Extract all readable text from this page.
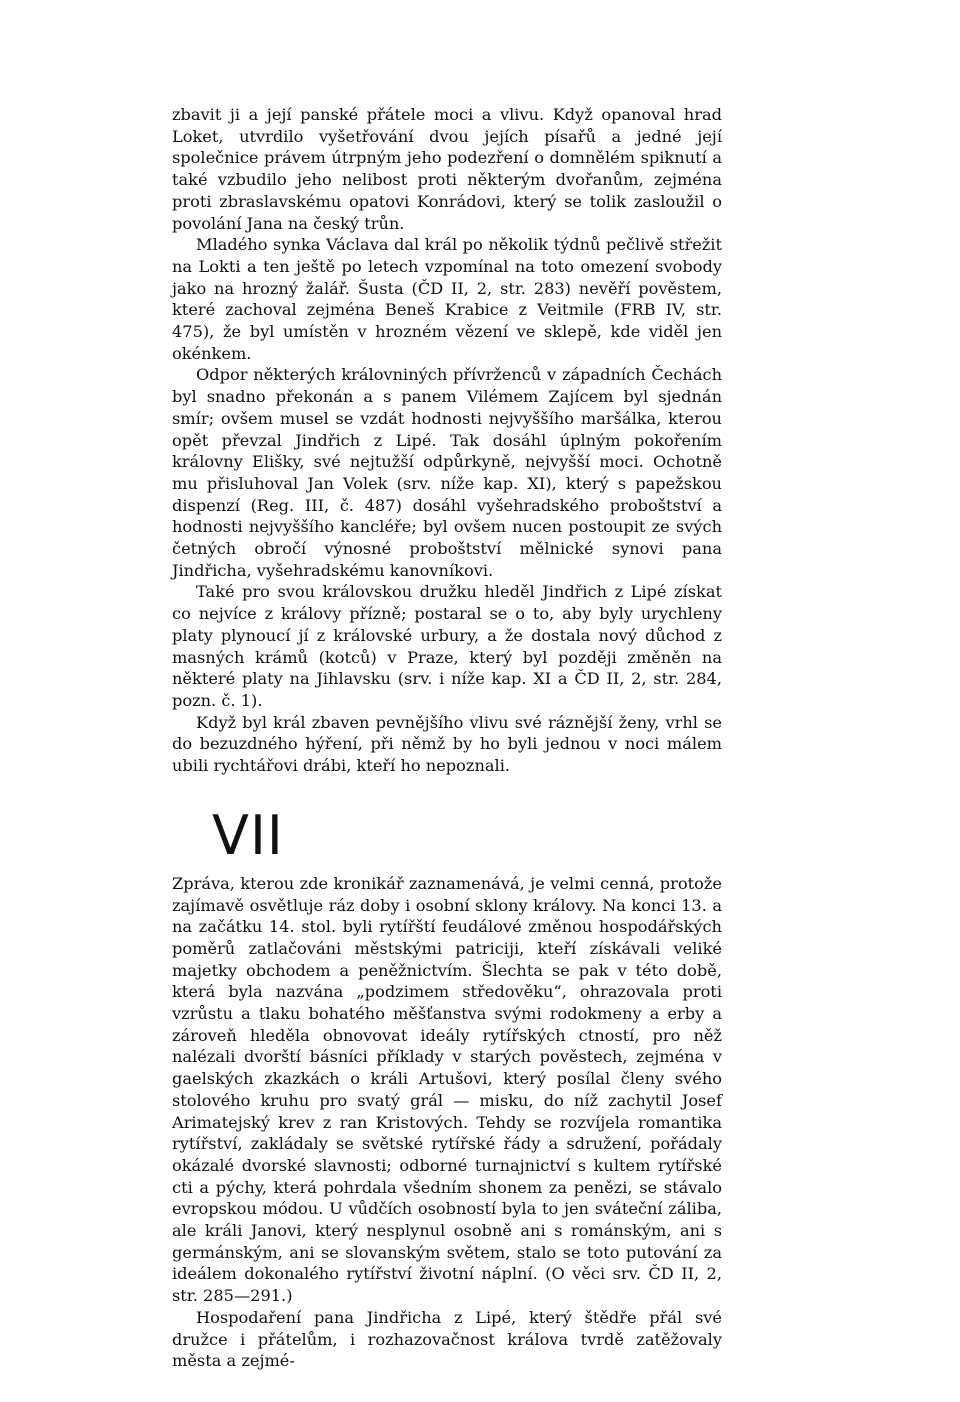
zbavit ji a její panské přátele moci a vlivu. Když opanoval hrad Loket, utvrdilo vyšetřování dvou jejích písařů a jedné její společnice právem útrpným jeho podezření o domnělém spiknutí a také vzbudilo jeho nelibost proti některým dvořanům, zejména proti zbraslavskému opatovi Konrádovi, který se tolik zasloužil o povolání Jana na český trůn.

Mladého synka Václava dal král po několik týdnů pečlivě střežit na Lokti a ten ještě po letech vzpomínal na toto omezení svobody jako na hrozný žalář. Šusta (ČD II, 2, str. 283) nevěří pověstem, které zachoval zejména Beneš Krabice z Veitmile (FRB IV, str. 475), že byl umístěn v hrozném vězení ve sklepě, kde viděl jen okénkem.

Odpor některých královniných přívrženců v západních Čechách byl snadno překonán a s panem Vilémem Zajícem byl sjednán smír; ovšem musel se vzdát hodnosti nejvyššího maršálka, kterou opět převzal Jindřich z Lipé. Tak dosáhl úplným pokořením královny Elišky, své nejtužší odpůrkyně, nejvyšší moci. Ochotně mu přisluhoval Jan Volek (srv. níže kap. XI), který s papežskou dispenzí (Reg. III, č. 487) dosáhl vyšehradského proboštství a hodnosti nejvyššího kancléře; byl ovšem nucen postoupit ze svých četných obročí výnosné proboštství mělnické synovi pana Jindřicha, vyšehradskému kanovníkovi.

Také pro svou královskou družku hleděl Jindřich z Lipé získat co nejvíce z královy přízně; postaral se o to, aby byly urychleny platy plynoucí jí z královské urbury, a že dostala nový důchod z masných krámů (kotců) v Praze, který byl později změněn na některé platy na Jihlavsku (srv. i níže kap. XI a ČD II, 2, str. 284, pozn. č. 1).

Když byl král zbaven pevnějšího vlivu své ráznější ženy, vrhl se do bezuzdného hýření, při němž by ho byli jednou v noci málem ubili rychtářovi drábi, kteří ho nepoznali.

VII

Zpráva, kterou zde kronikář zaznamenává, je velmi cenná, protože zajímavě osvětluje ráz doby i osobní sklony královy. Na konci 13. a na začátku 14. stol. byli rytířští feudálové změnou hospodářských poměrů zatlačováni městskými patriciji, kteří získávali veliké majetky obchodem a peněžnictvím. Šlechta se pak v této době, která byla nazvána „podzimem středověku“, ohrazovala proti vzrůstu a tlaku bohatého měšťanstva svými rodokmeny a erby a zároveň hleděla obnovovat ideály rytířských ctností, pro něž nalézali dvorští básníci příklady v starých pověstech, zejména v gaelských zkazkách o králi Artušovi, který posílal členy svého stolového kruhu pro svatý grál — misku, do níž zachytil Josef Arimatejský krev z ran Kristových. Tehdy se rozvíjela romantika rytířství, zakládaly se světské rytířské řády a sdružení, pořádaly okázalé dvorské slavnosti; odborné turnajnictví s kultem rytířské cti a pýchy, která pohrdala všedním shonem za penězi, se stávalo evropskou módou. U vůdčích osobností byla to jen sváteční záliba, ale králi Janovi, který nesplynul osobně ani s románským, ani s germánským, ani se slovanským světem, stalo se toto putování za ideálem dokonalého rytířství životní náplní. (O věci srv. ČD II, 2, str. 285—291.)

Hospodaření pana Jindřicha z Lipé, který štědře přál své družce i přátelům, i rozhazovačnost králova tvrdě zatěžovaly města a zejmé-
